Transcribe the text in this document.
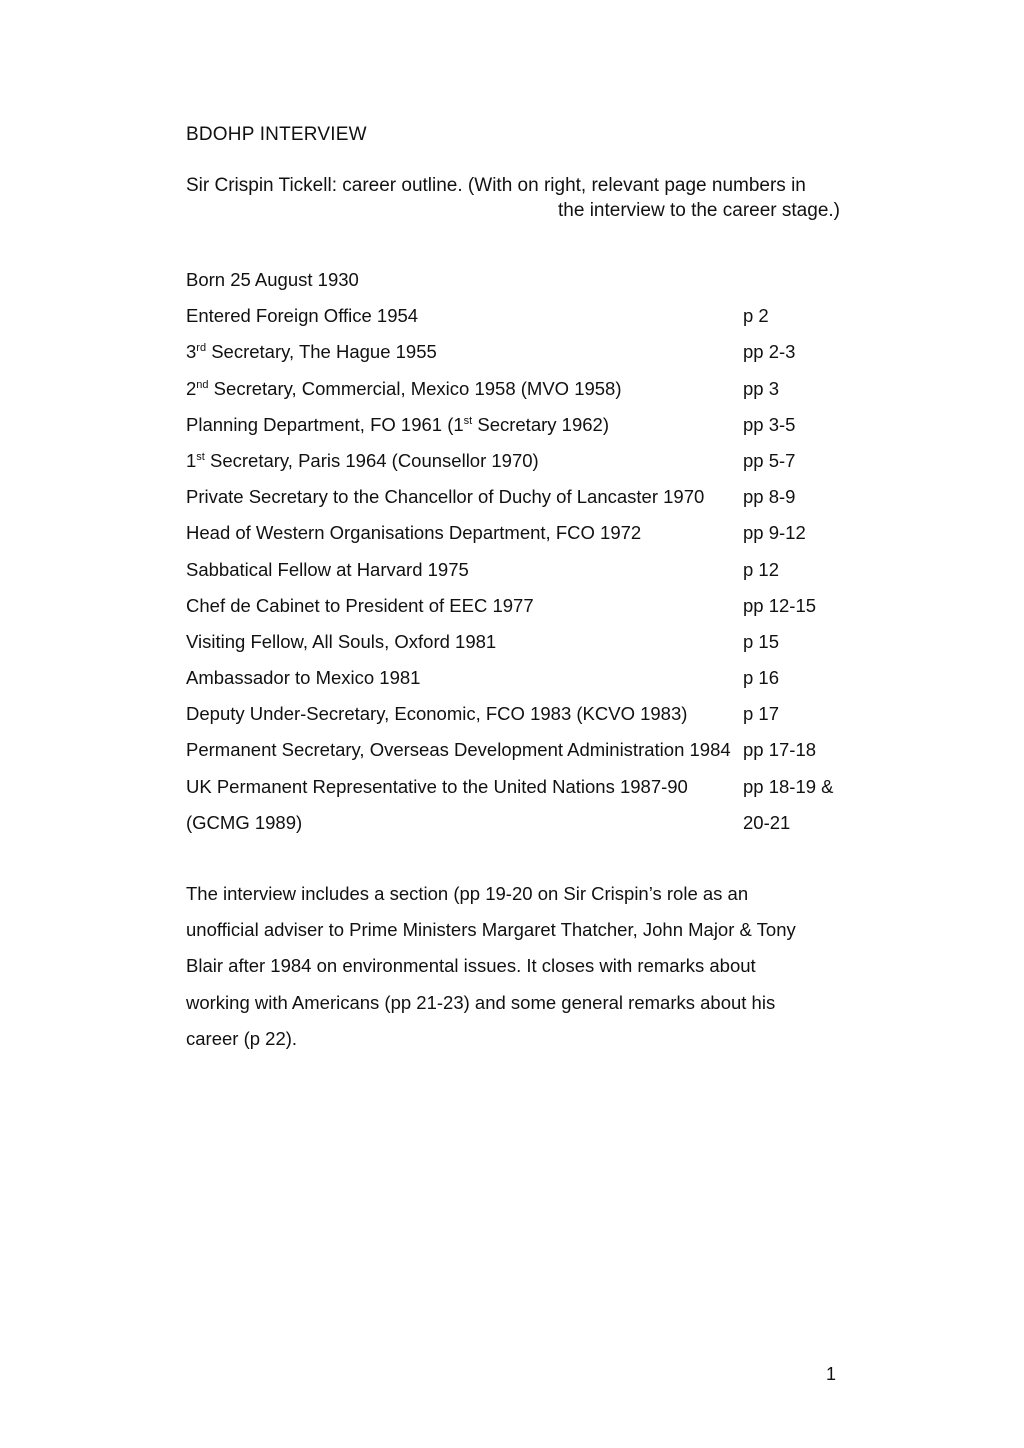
BDOHP INTERVIEW
Sir Crispin Tickell: career outline. (With on right, relevant page numbers in
the interview to the career stage.)
Born 25 August 1930
Entered Foreign Office 1954	p 2
3rd Secretary, The Hague 1955	pp 2-3
2nd Secretary, Commercial, Mexico 1958 (MVO 1958)	pp 3
Planning Department, FO 1961 (1st Secretary 1962)	pp 3-5
1st Secretary, Paris 1964 (Counsellor 1970)	pp 5-7
Private Secretary to the Chancellor of Duchy of Lancaster 1970 pp 8-9
Head of Western Organisations Department, FCO 1972	pp 9-12
Sabbatical Fellow at Harvard 1975	p 12
Chef de Cabinet to President of EEC 1977	pp 12-15
Visiting Fellow, All Souls, Oxford 1981	p 15
Ambassador to Mexico 1981	p 16
Deputy Under-Secretary, Economic, FCO 1983 (KCVO 1983)	p 17
Permanent Secretary, Overseas Development Administration 1984 pp 17-18
UK Permanent Representative to the United Nations 1987-90	pp 18-19 &
(GCMG 1989)	20-21
The interview includes a section (pp 19-20 on Sir Crispin’s role as an
unofficial adviser to Prime Ministers Margaret Thatcher, John Major & Tony
Blair after 1984 on environmental issues. It closes with remarks about
working with Americans (pp 21-23) and some general remarks about his
career (p 22).
1
